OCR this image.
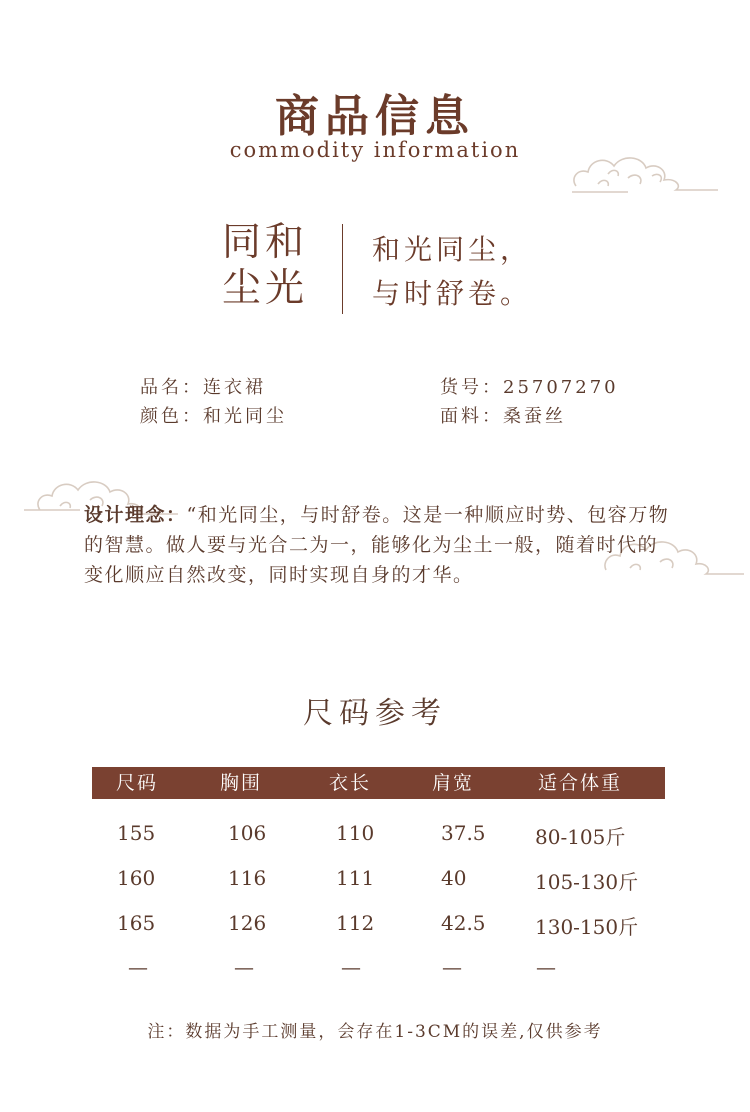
商品信息
commodity information
同和
尘光
和光同尘，
与时舒卷。
品名：连衣裙	货号：25707270
颜色：和光同尘	面料：桑蚕丝
设计理念：“和光同尘，与时舒卷。这是一种顺应时势、包容万物的智慧。做人要与光合二为一，能够化为尘土一般，随着时代的变化顺应自然改变，同时实现自身的才华。
尺码参考
尺码	胸围	衣长	肩宽	适合体重
155	106	110	37.5 80-105斤
160	116	111	40	105-130斤
165	126	112	42.5 130-150斤
—	—	—	—	—
注：数据为手工测量，会存在1-3CM的误差,仅供参考
